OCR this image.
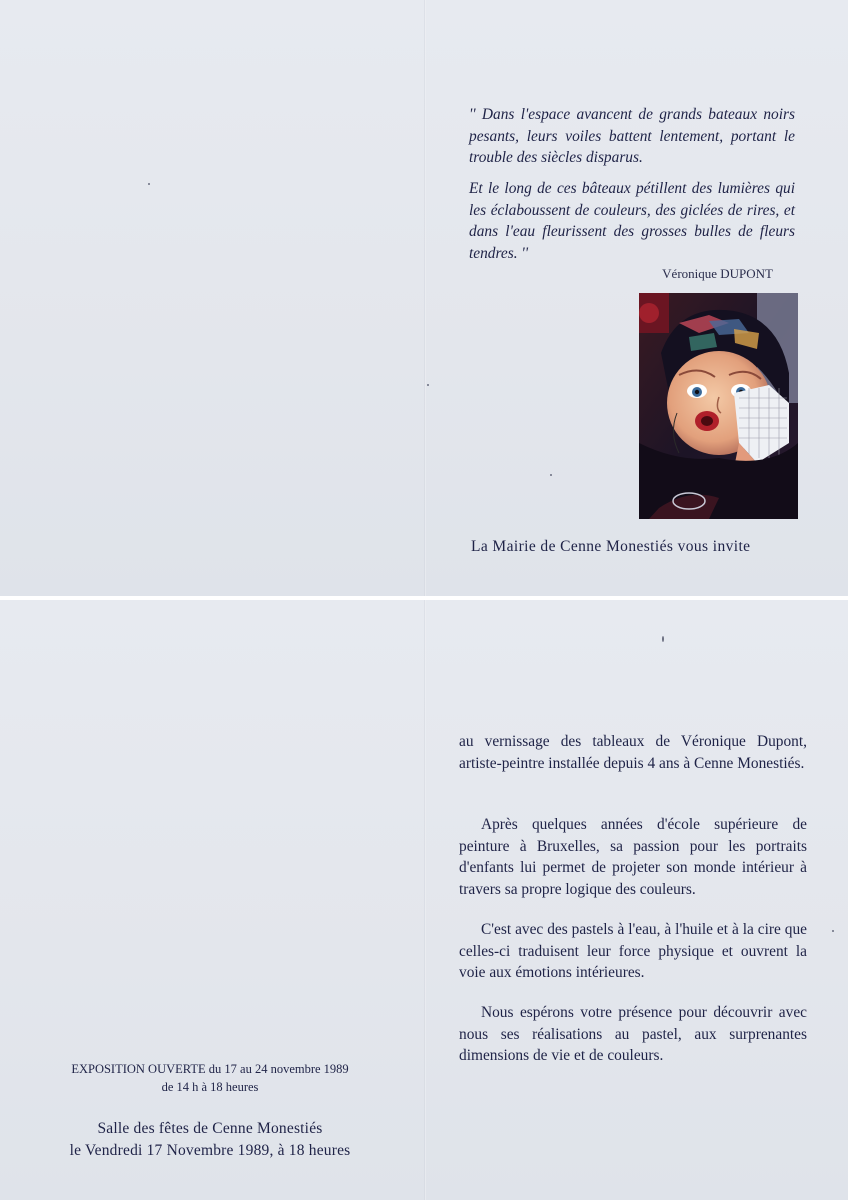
'' Dans l'espace avancent de grands bateaux noirs pesants, leurs voiles battent lentement, portant le trouble des siècles disparus.

Et le long de ces bâteaux pétillent des lumières qui les éclaboussent de couleurs, des giclées de rires, et dans l'eau fleurissent des grosses bulles de fleurs tendres. ''

Véronique DUPONT
La Mairie de Cenne Monestiés vous invite

au vernissage des tableaux de Véronique Dupont, artiste-peintre installée depuis 4 ans à Cenne Monestiés.

Après quelques années d'école supérieure de peinture à Bruxelles, sa passion pour les portraits d'enfants lui permet de projeter son monde intérieur à travers sa propre logique des couleurs.

C'est avec des pastels à l'eau, à l'huile et à la cire que celles-ci traduisent leur force physique et ouvrent la voie aux émotions intérieures.

Nous espérons votre présence pour découvrir avec nous ses réalisations au pastel, aux surprenantes dimensions de vie et de couleurs.

EXPOSITION OUVERTE du 17 au 24 novembre 1989
de 14 h à 18 heures
Salle des fêtes de Cenne Monestiés
le Vendredi 17 Novembre 1989, à 18 heures
